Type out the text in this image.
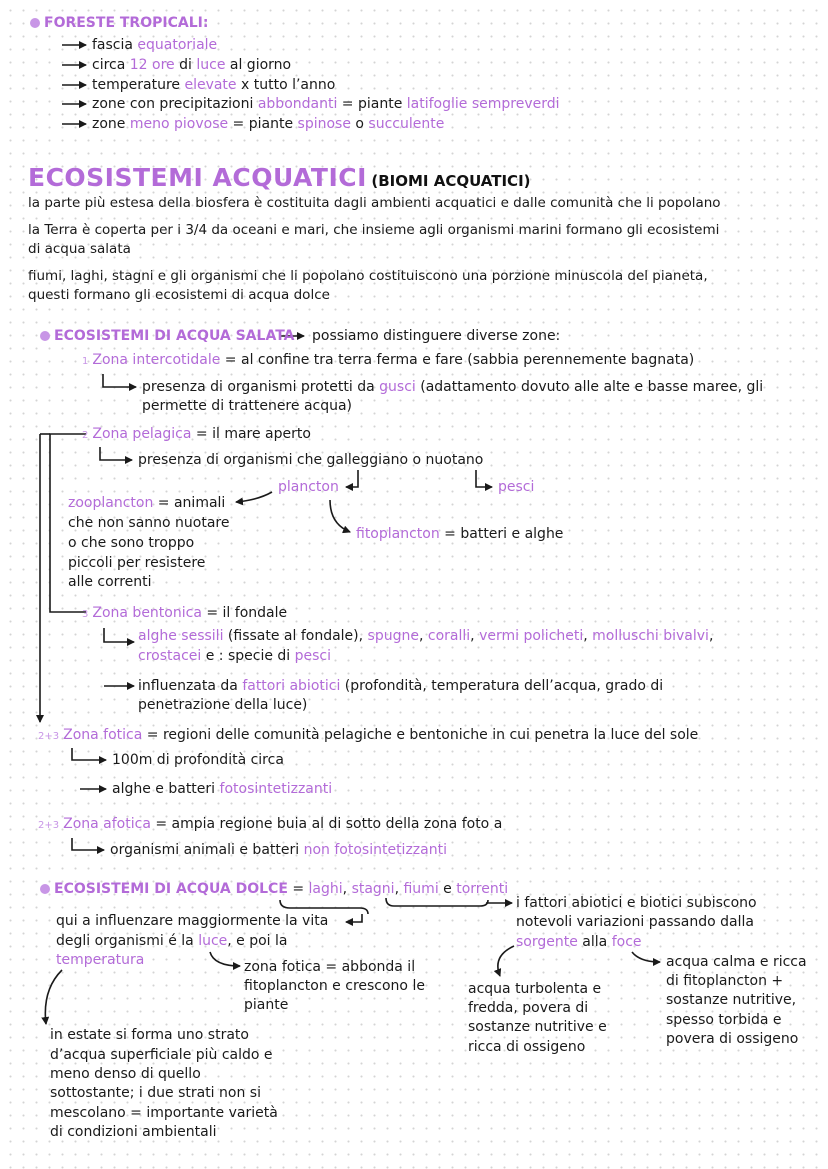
FORESTE TROPICALI:
fascia equatoriale
circa 12 ore di luce al giorno
temperature elevate x tutto l’anno
zone con precipitazioni abbondanti = piante latifoglie sempreverdi
zone meno piovose = piante spinose o succulente
ECOSISTEMI ACQUATICI (BIOMI ACQUATICI)
la parte più estesa della biosfera è costituita dagli ambienti acquatici e dalle comunità che li popolano
la Terra è coperta per i 3/4 da oceani e mari, che insieme agli organismi marini formano gli ecosistemi
di acqua salata
fiumi, laghi, stagni e gli organismi che li popolano costituiscono una porzione minuscola del pianeta,
questi formano gli ecosistemi di acqua dolce
ECOSISTEMI DI ACQUA SALATA possiamo distinguere diverse zone:
1 Zona intercotidale = al confine tra terra ferma e fare (sabbia perennemente bagnata)
presenza di organismi protetti da gusci (adattamento dovuto alle alte e basse maree, gli
permette di trattenere acqua)
2 Zona pelagica = il mare aperto
presenza di organismi che galleggiano o nuotano
plancton	pesci
zooplancton = animali
che non sanno nuotare
o che sono troppo
piccoli per resistere
alle correnti
fitoplancton = batteri e alghe
3 Zona bentonica = il fondale
alghe sessili (fissate al fondale), spugne, coralli, vermi policheti, molluschi bivalvi,
crostacei e : specie di pesci
influenzata da fattori abiotici (profondità, temperatura dell’acqua, grado di
penetrazione della luce)
2+3 Zona fotica = regioni delle comunità pelagiche e bentoniche in cui penetra la luce del sole
100m di profondità circa
alghe e batteri fotosintetizzanti
2+3 Zona afotica = ampia regione buia al di sotto della zona foto a
organismi animali e batteri non fotosintetizzanti
ECOSISTEMI DI ACQUA DOLCE = laghi, stagni, fiumi e torrenti
qui a influenzare maggiormente la vita
degli organismi é la luce, e poi la
temperatura	zona fotica = abbonda il
fitoplancton e crescono le
piante
in estate si forma uno strato
d’acqua superficiale più caldo e
meno denso di quello
sottostante; i due strati non si
mescolano = importante varietà
di condizioni ambientali
i fattori abiotici e biotici subiscono
notevoli variazioni passando dalla
sorgente alla foce
acqua turbolenta e
fredda, povera di
sostanze nutritive e
ricca di ossigeno
acqua calma e ricca
di fitoplancton +
sostanze nutritive,
spesso torbida e
povera di ossigeno
